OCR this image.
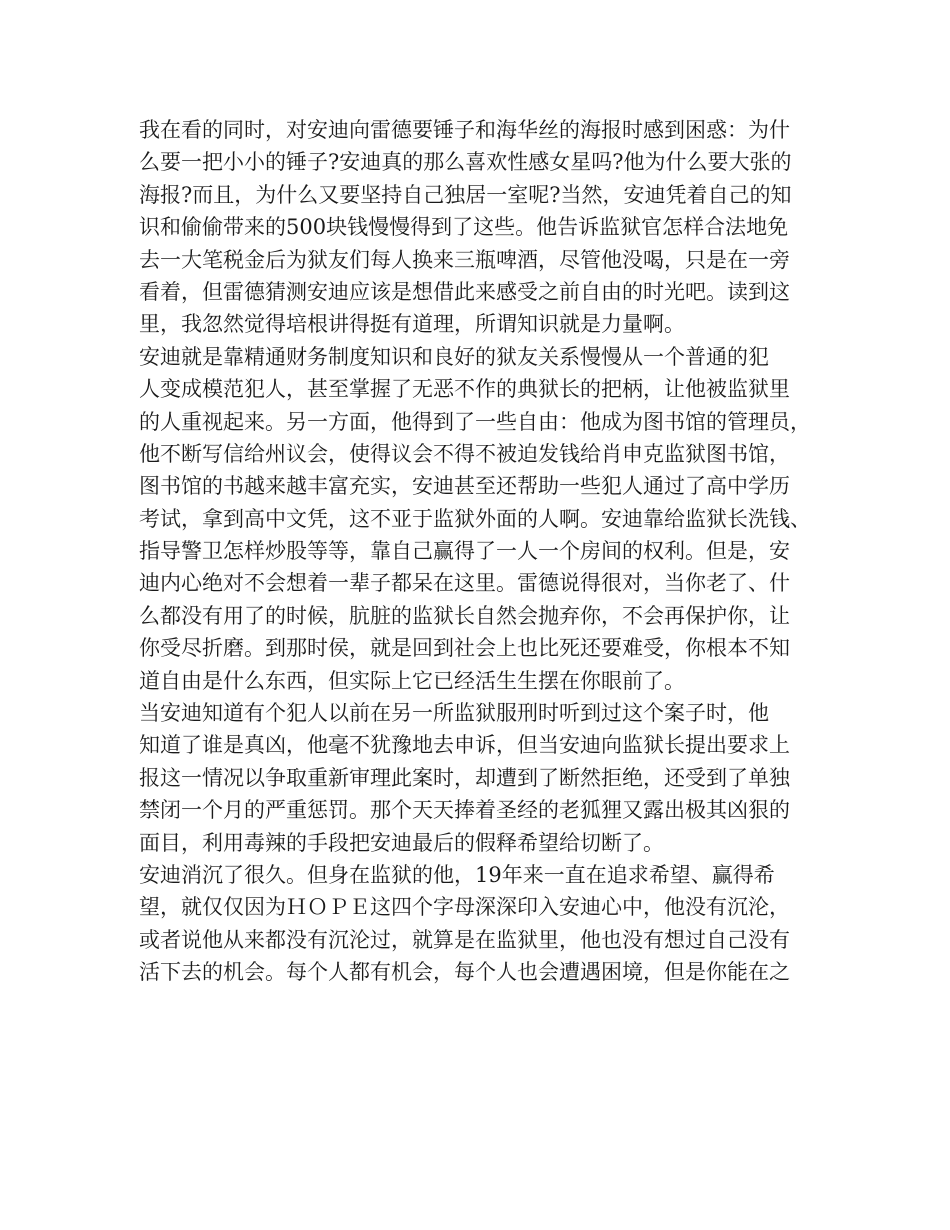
我在看的同时，对安迪向雷德要锤子和海华丝的海报时感到困惑：为什
么要一把小小的锤子?安迪真的那么喜欢性感女星吗?他为什么要大张的
海报?而且，为什么又要坚持自己独居一室呢?当然，安迪凭着自己的知
识和偷偷带来的500块钱慢慢得到了这些。他告诉监狱官怎样合法地免
去一大笔税金后为狱友们每人换来三瓶啤酒，尽管他没喝，只是在一旁
看着，但雷德猜测安迪应该是想借此来感受之前自由的时光吧。读到这
里，我忽然觉得培根讲得挺有道理，所谓知识就是力量啊。
安迪就是靠精通财务制度知识和良好的狱友关系慢慢从一个普通的犯
人变成模范犯人，甚至掌握了无恶不作的典狱长的把柄，让他被监狱里
的人重视起来。另一方面，他得到了一些自由：他成为图书馆的管理员，
他不断写信给州议会，使得议会不得不被迫发钱给肖申克监狱图书馆，
图书馆的书越来越丰富充实，安迪甚至还帮助一些犯人通过了高中学历
考试，拿到高中文凭，这不亚于监狱外面的人啊。安迪靠给监狱长洗钱、
指导警卫怎样炒股等等，靠自己赢得了一人一个房间的权利。但是，安
迪内心绝对不会想着一辈子都呆在这里。雷德说得很对，当你老了、什
么都没有用了的时候，肮脏的监狱长自然会抛弃你，不会再保护你，让
你受尽折磨。到那时侯，就是回到社会上也比死还要难受，你根本不知
道自由是什么东西，但实际上它已经活生生摆在你眼前了。
当安迪知道有个犯人以前在另一所监狱服刑时听到过这个案子时，他
知道了谁是真凶，他毫不犹豫地去申诉，但当安迪向监狱长提出要求上
报这一情况以争取重新审理此案时，却遭到了断然拒绝，还受到了单独
禁闭一个月的严重惩罚。那个天天捧着圣经的老狐狸又露出极其凶狠的
面目，利用毒辣的手段把安迪最后的假释希望给切断了。
安迪消沉了很久。但身在监狱的他，19年来一直在追求希望、赢得希
望，就仅仅因为ＨＯＰＥ这四个字母深深印入安迪心中，他没有沉沦，
或者说他从来都没有沉沦过，就算是在监狱里，他也没有想过自己没有
活下去的机会。每个人都有机会，每个人也会遭遇困境，但是你能在之
